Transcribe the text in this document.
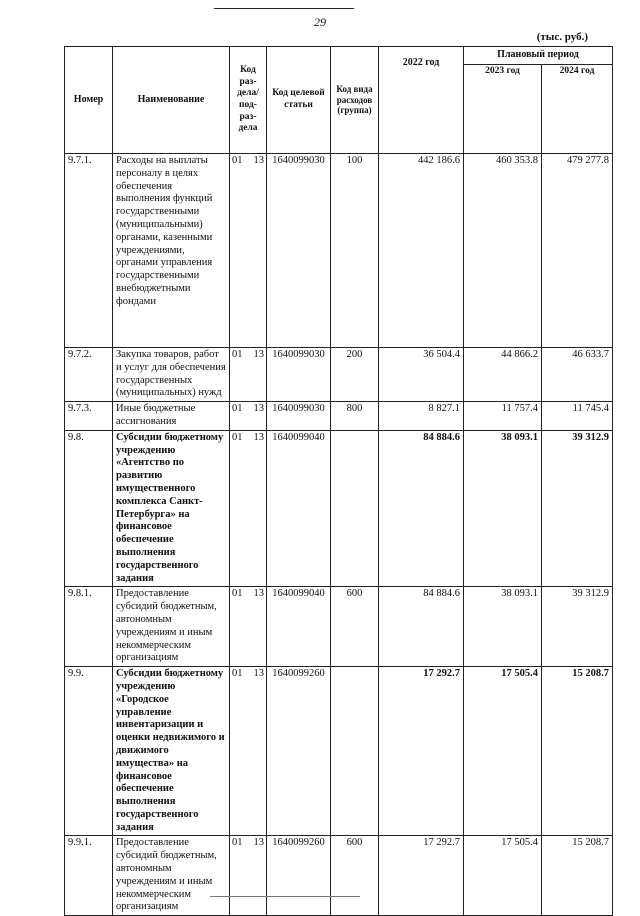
29
(тыс. руб.)
Номер	Наименование	Код раз-дела/ под-раз-дела	Код целевой статьи	Код вида расходов (группа)	2022 год	Плановый период	
						2023 год	2024 год
9.7.1.	Расходы на выплаты персоналу в целях обеспечения выполнения функций государственными (муниципальными) органами, казенными учреждениями, органами управления государственными внебюджетными фондами	01 13	1640099030	100	442 186.6	460 353.8	479 277.8
9.7.2.	Закупка товаров, работ и услуг для обеспечения государственных (муниципальных) нужд	01 13	1640099030	200	36 504.4	44 866.2	46 633.7
9.7.3.	Иные бюджетные ассигнования	01 13	1640099030	800	8 827.1	11 757.4	11 745.4
9.8.	Субсидии бюджетному учреждению «Агентство по развитию имущественного комплекса Санкт-Петербурга» на финансовое обеспечение выполнения государственного задания	01 13	1640099040		84 884.6	38 093.1	39 312.9
9.8.1.	Предоставление субсидий бюджетным, автономным учреждениям и иным некоммерческим организациям	01 13	1640099040	600	84 884.6	38 093.1	39 312.9
9.9.	Субсидии бюджетному учреждению «Городское управление инвентаризации и оценки недвижимого и движимого имущества» на финансовое обеспечение выполнения государственного задания	01 13	1640099260		17 292.7	17 505.4	15 208.7
9.9.1.	Предоставление субсидий бюджетным, автономным учреждениям и иным некоммерческим организациям	01 13	1640099260	600	17 292.7	17 505.4	15 208.7
